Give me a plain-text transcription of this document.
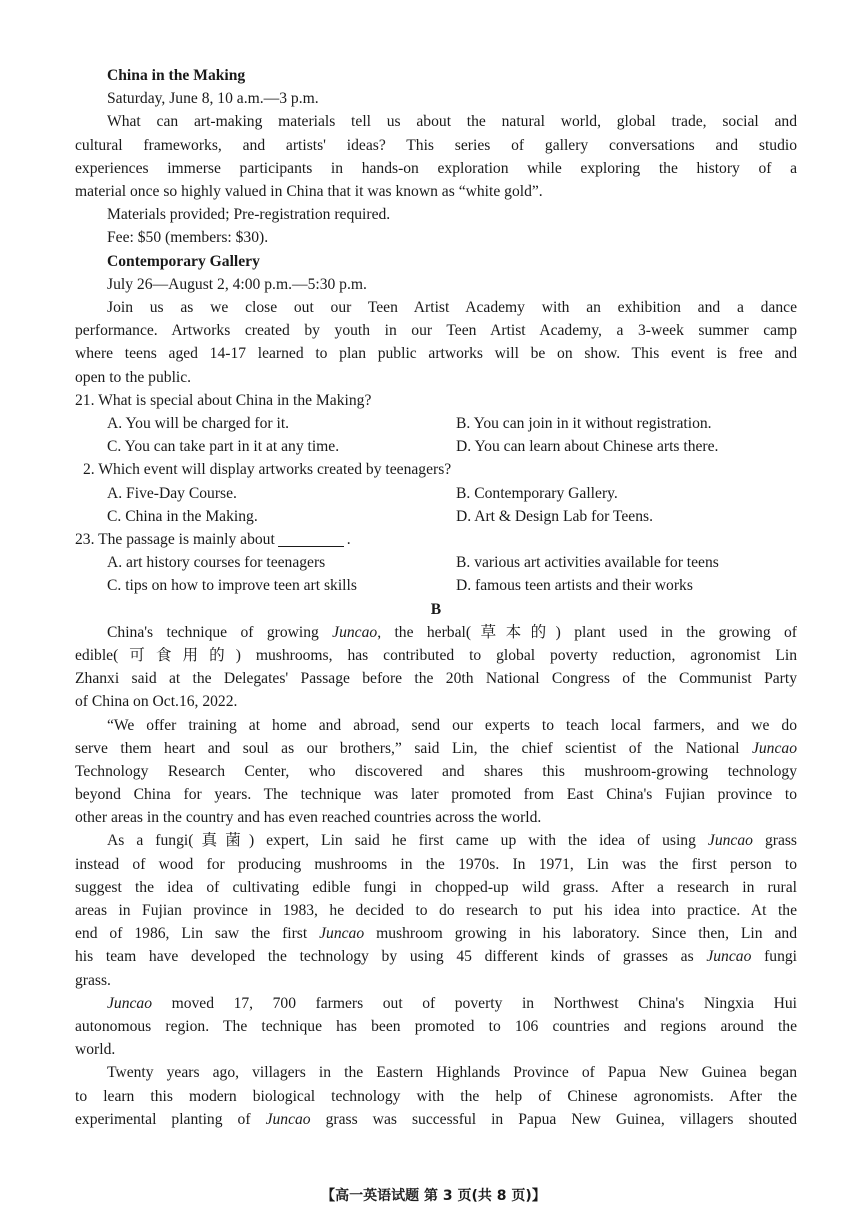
China in the Making
Saturday, June 8, 10 a.m.—3 p.m.
What can art-making materials tell us about the natural world, global trade, social and
cultural frameworks, and artists' ideas? This series of gallery conversations and studio
experiences immerse participants in hands-on exploration while exploring the history of a
material once so highly valued in China that it was known as “white gold”.
Materials provided; Pre-registration required.
Fee: $50 (members: $30).
Contemporary Gallery
July 26—August 2, 4:00 p.m.—5:30 p.m.
Join us as we close out our Teen Artist Academy with an exhibition and a dance
performance. Artworks created by youth in our Teen Artist Academy, a 3-week summer camp
where teens aged 14-17 learned to plan public artworks will be on show. This event is free and
open to the public.
21. What is special about China in the Making?
A. You will be charged for it.	B. You can join in it without registration.
C. You can take part in it at any time.	D. You can learn about Chinese arts there.
2. Which event will display artworks created by teenagers?
A. Five-Day Course.	B. Contemporary Gallery.
C. China in the Making.	D. Art & Design Lab for Teens.
23. The passage is mainly about	.
A. art history courses for teenagers	B. various art activities available for teens
C. tips on how to improve teen art skills	D. famous teen artists and their works
B
China's technique of growing Juncao, the herbal(草本的) plant used in the growing of
edible(可食用的) mushrooms, has contributed to global poverty reduction, agronomist Lin
Zhanxi said at the Delegates' Passage before the 20th National Congress of the Communist Party
of China on Oct.16, 2022.
“We offer training at home and abroad, send our experts to teach local farmers, and we do
serve them heart and soul as our brothers,” said Lin, the chief scientist of the National Juncao
Technology Research Center, who discovered and shares this mushroom-growing technology
beyond China for years. The technique was later promoted from East China's Fujian province to
other areas in the country and has even reached countries across the world.
As a fungi(真菌) expert, Lin said he first came up with the idea of using Juncao grass
instead of wood for producing mushrooms in the 1970s. In 1971, Lin was the first person to
suggest the idea of cultivating edible fungi in chopped-up wild grass. After a research in rural
areas in Fujian province in 1983, he decided to do research to put his idea into practice. At the
end of 1986, Lin saw the first Juncao mushroom growing in his laboratory. Since then, Lin and
his team have developed the technology by using 45 different kinds of grasses as Juncao fungi
grass.
Juncao moved 17, 700 farmers out of poverty in Northwest China's Ningxia Hui
autonomous region. The technique has been promoted to 106 countries and regions around the
world.
Twenty years ago, villagers in the Eastern Highlands Province of Papua New Guinea began
to learn this modern biological technology with the help of Chinese agronomists. After the
experimental planting of Juncao grass was successful in Papua New Guinea, villagers shouted
【高一英语试题 第 3 页(共 8 页)】
